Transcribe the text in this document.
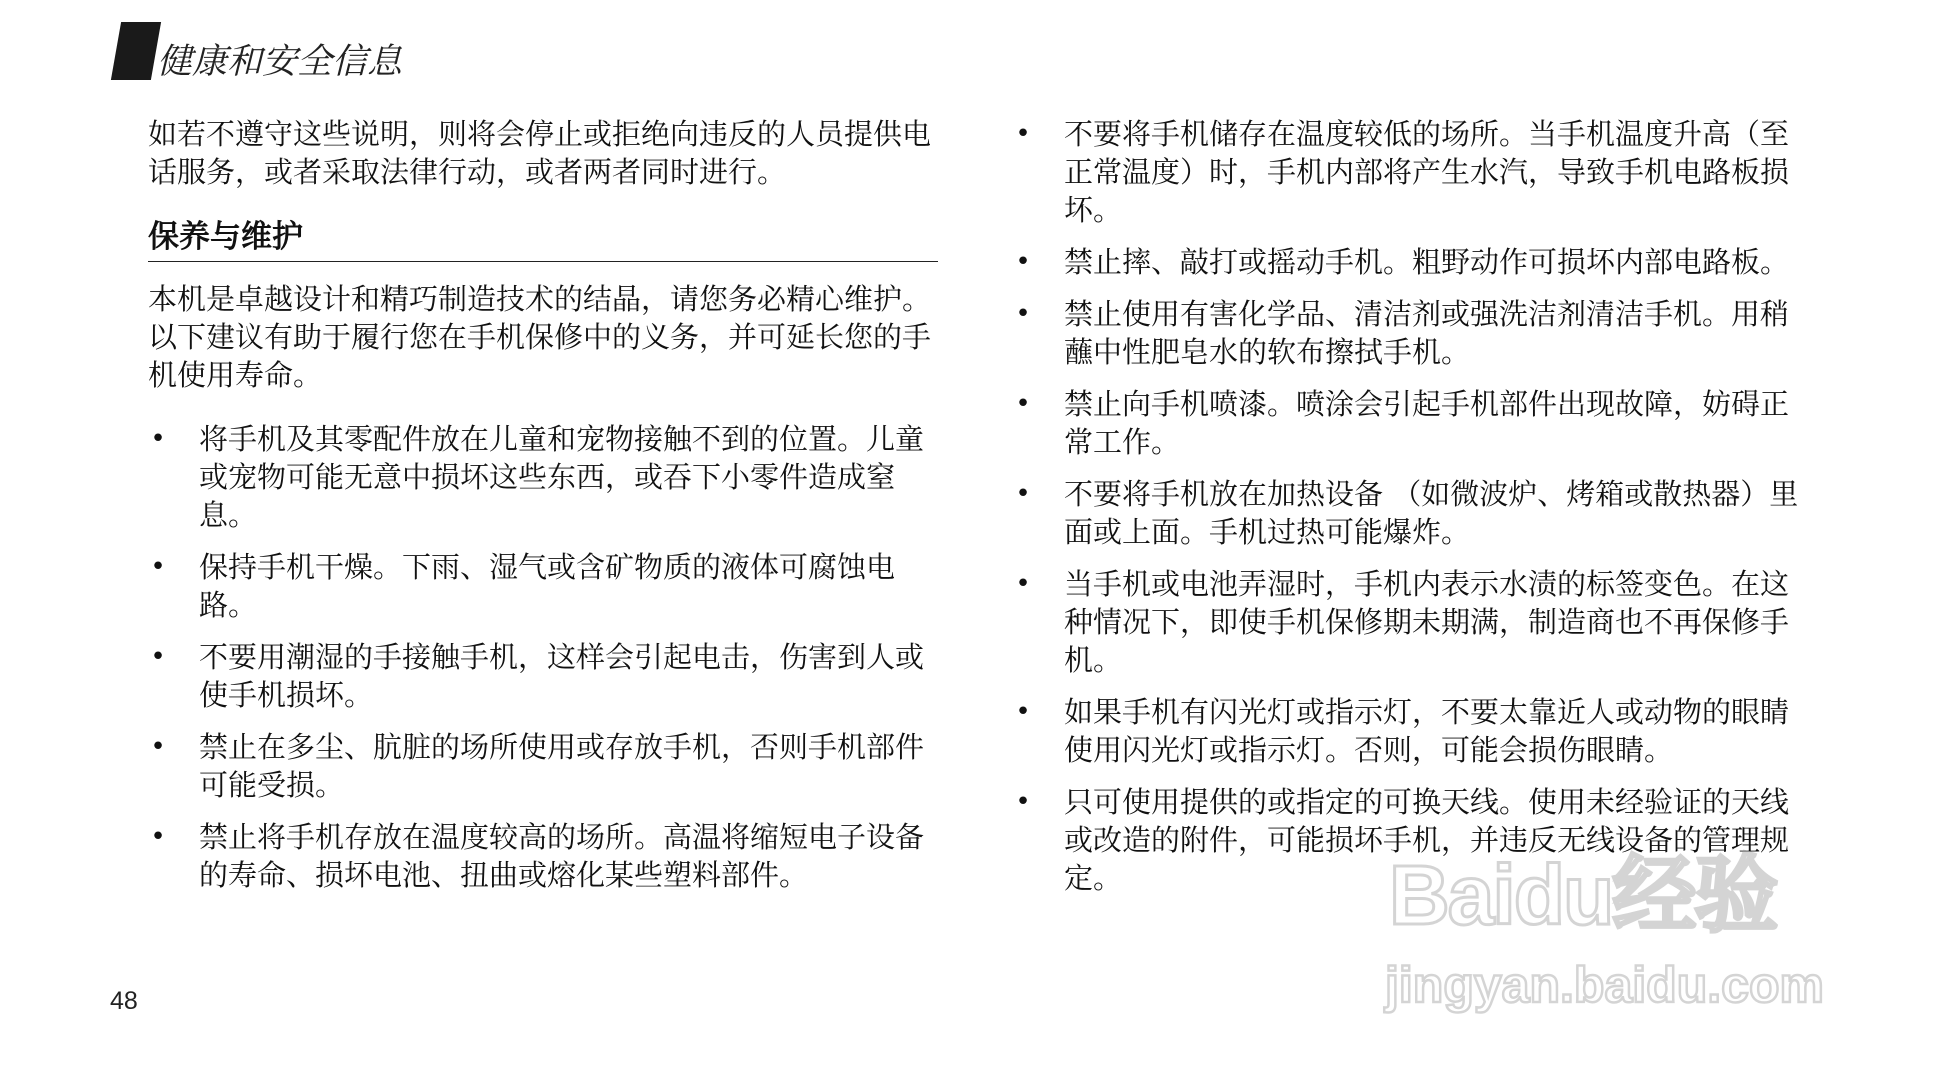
健康和安全信息

如若不遵守这些说明，则将会停止或拒绝向违反的人员提供电话服务，或者采取法律行动，或者两者同时进行。

保养与维护

本机是卓越设计和精巧制造技术的结晶，请您务必精心维护。以下建议有助于履行您在手机保修中的义务，并可延长您的手机使用寿命。

• 将手机及其零配件放在儿童和宠物接触不到的位置。儿童或宠物可能无意中损坏这些东西，或吞下小零件造成窒息。
• 保持手机干燥。下雨、湿气或含矿物质的液体可腐蚀电路。
• 不要用潮湿的手接触手机，这样会引起电击，伤害到人或使手机损坏。
• 禁止在多尘、肮脏的场所使用或存放手机，否则手机部件可能受损。
• 禁止将手机存放在温度较高的场所。高温将缩短电子设备的寿命、损坏电池、扭曲或熔化某些塑料部件。
• 不要将手机储存在温度较低的场所。当手机温度升高（至正常温度）时，手机内部将产生水汽，导致手机电路板损坏。
• 禁止摔、敲打或摇动手机。粗野动作可损坏内部电路板。
• 禁止使用有害化学品、清洁剂或强洗洁剂清洁手机。用稍蘸中性肥皂水的软布擦拭手机。
• 禁止向手机喷漆。喷涂会引起手机部件出现故障，妨碍正常工作。
• 不要将手机放在加热设备 （如微波炉、烤箱或散热器）里面或上面。手机过热可能爆炸。
• 当手机或电池弄湿时，手机内表示水渍的标签变色。在这种情况下，即使手机保修期未期满，制造商也不再保修手机。
• 如果手机有闪光灯或指示灯，不要太靠近人或动物的眼睛使用闪光灯或指示灯。否则，可能会损伤眼睛。
• 只可使用提供的或指定的可换天线。使用未经验证的天线或改造的附件，可能损坏手机，并违反无线设备的管理规定。
48
Baidu经验
jingyan.baidu.com
